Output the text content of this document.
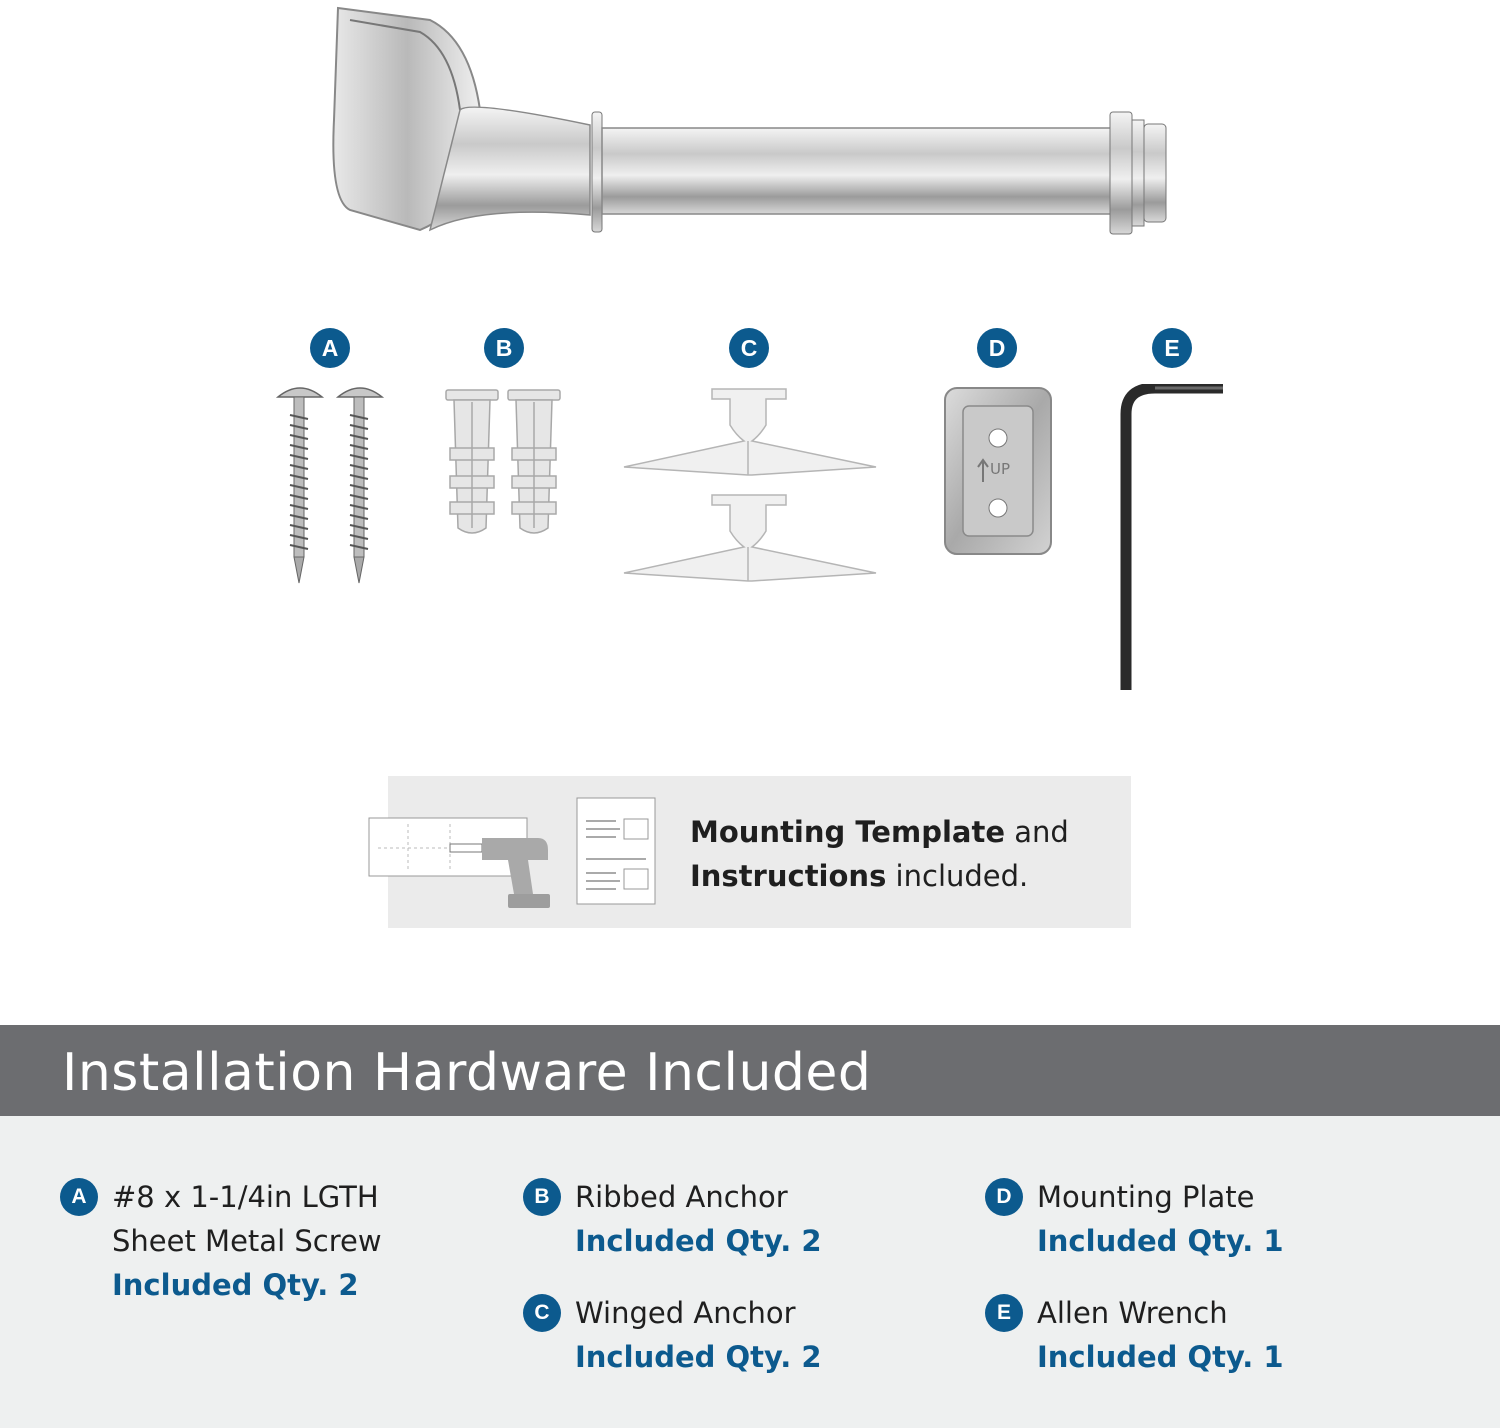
A	B	C	D	E
UP
Mounting Template and
Instructions included.
Installation Hardware Included
A #8 x 1-1/4in LGTH
Sheet Metal Screw
Included Qty. 2
B Ribbed Anchor
Included Qty. 2
C Winged Anchor
Included Qty. 2
D Mounting Plate
Included Qty. 1
E Allen Wrench
Included Qty. 1
